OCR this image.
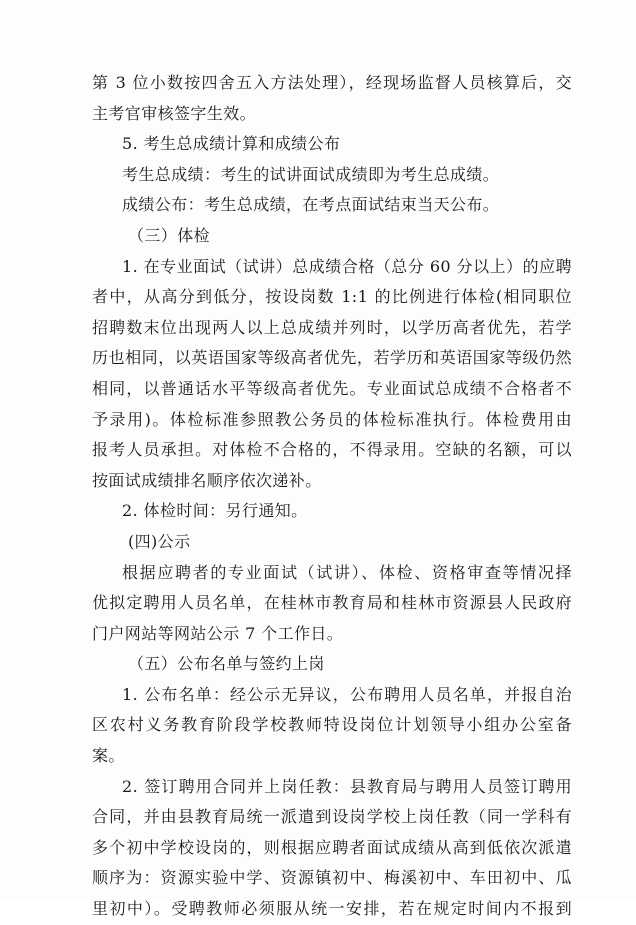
第 3 位小数按四舍五入方法处理），经现场监督人员核算后，交
主考官审核签字生效。
5. 考生总成绩计算和成绩公布
考生总成绩：考生的试讲面试成绩即为考生总成绩。
成绩公布：考生总成绩，在考点面试结束当天公布。
（三）体检
1. 在专业面试（试讲）总成绩合格（总分 60 分以上）的应聘
者中，从高分到低分，按设岗数 1:1 的比例进行体检(相同职位
招聘数末位出现两人以上总成绩并列时，以学历高者优先，若学
历也相同，以英语国家等级高者优先，若学历和英语国家等级仍然
相同，以普通话水平等级高者优先。专业面试总成绩不合格者不
予录用)。体检标准参照教公务员的体检标准执行。体检费用由
报考人员承担。对体检不合格的，不得录用。空缺的名额，可以
按面试成绩排名顺序依次递补。
2. 体检时间：另行通知。
(四)公示
根据应聘者的专业面试（试讲）、体检、资格审查等情况择
优拟定聘用人员名单，在桂林市教育局和桂林市资源县人民政府
门户网站等网站公示 7 个工作日。
（五）公布名单与签约上岗
1. 公布名单：经公示无异议，公布聘用人员名单，并报自治
区农村义务教育阶段学校教师特设岗位计划领导小组办公室备
案。
2. 签订聘用合同并上岗任教：县教育局与聘用人员签订聘用
合同，并由县教育局统一派遣到设岗学校上岗任教（同一学科有
多个初中学校设岗的，则根据应聘者面试成绩从高到低依次派遣
顺序为：资源实验中学、资源镇初中、梅溪初中、车田初中、瓜
里初中）。受聘教师必须服从统一安排，若在规定时间内不报到
